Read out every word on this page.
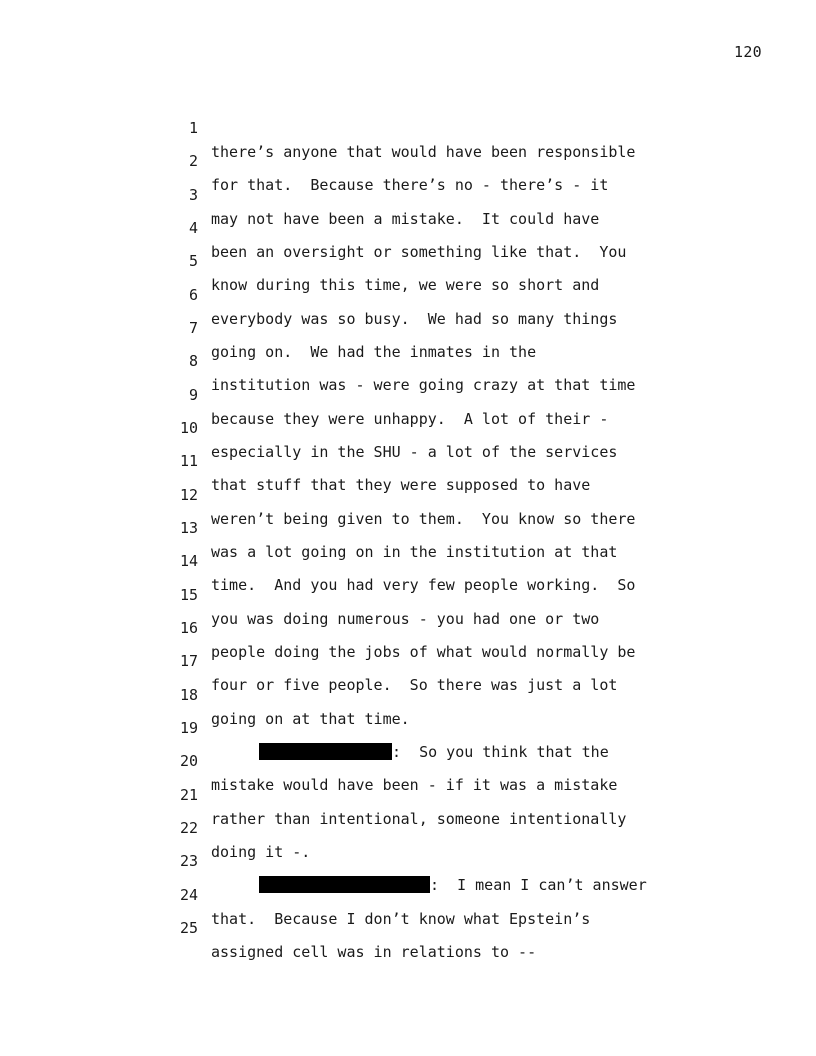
120

1

there’s anyone that would have been responsible

2

for that.  Because there’s no - there’s - it

3

may not have been a mistake.  It could have

4

been an oversight or something like that.  You

5

know during this time, we were so short and

6

everybody was so busy.  We had so many things

7

going on.  We had the inmates in the

8

institution was - were going crazy at that time

9

because they were unhappy.  A lot of their -

10

especially in the SHU - a lot of the services

11

that stuff that they were supposed to have

12

weren’t being given to them.  You know so there

13

was a lot going on in the institution at that

14

time.  And you had very few people working.  So

15

you was doing numerous - you had one or two

16

people doing the jobs of what would normally be

17

four or five people.  So there was just a lot

18

going on at that time.

19

:  So you think that the

20

mistake would have been - if it was a mistake

21

rather than intentional, someone intentionally

22

doing it -.

23

:  I mean I can’t answer

24

that.  Because I don’t know what Epstein’s

25

assigned cell was in relations to --
